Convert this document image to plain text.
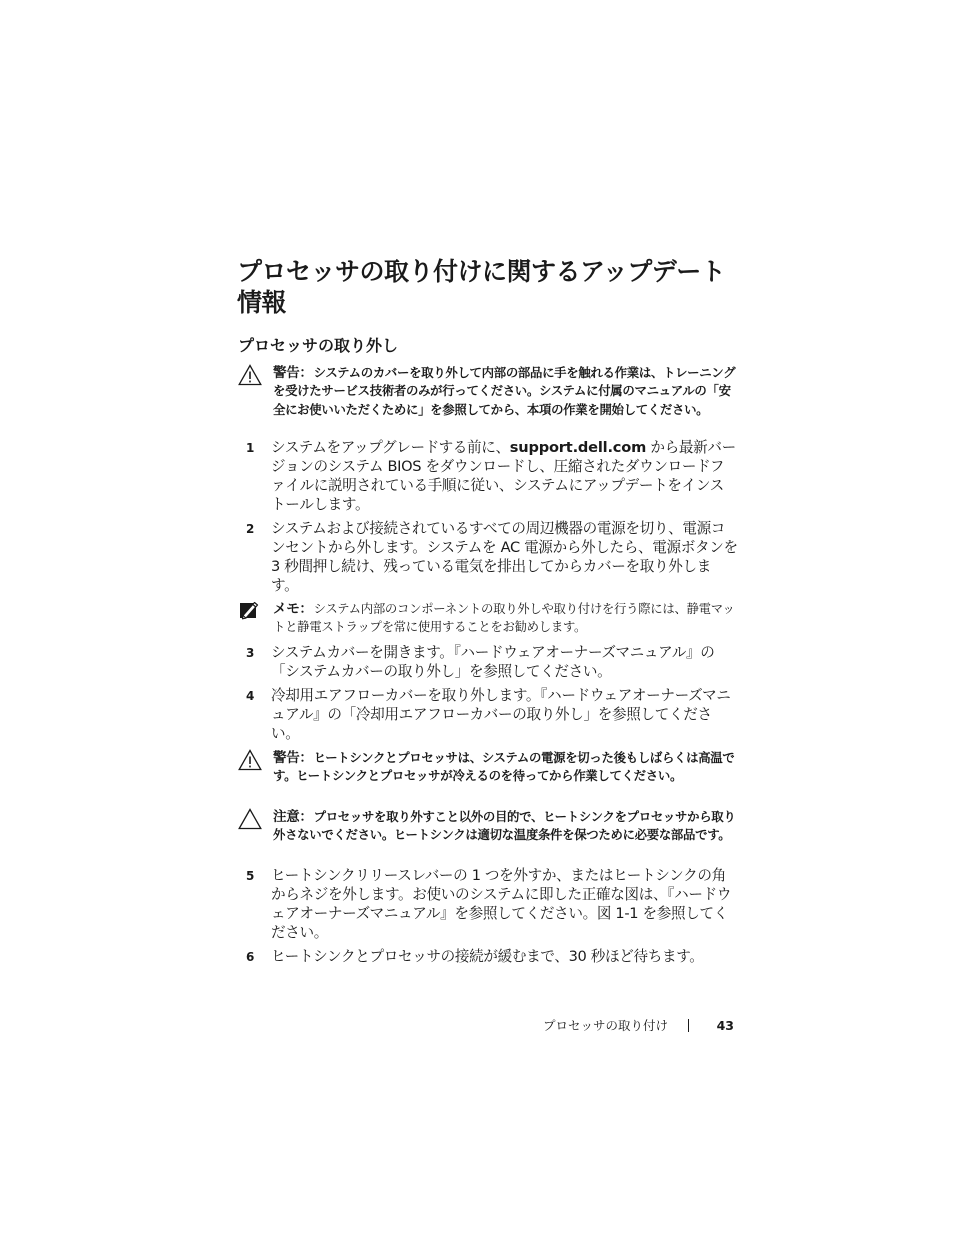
プロセッサの取り付けに関するアップデート情報
プロセッサの取り外し
警告：システムのカバーを取り外して内部の部品に手を触れる作業は、トレーニングを受けたサービス技術者のみが行ってください。システムに付属のマニュアルの「安全にお使いいただくために」を参照してから、本項の作業を開始してください。
1	システムをアップグレードする前に、support.dell.com から最新バージョンのシステム BIOS をダウンロードし、圧縮されたダウンロードファイルに説明されている手順に従い、システムにアップデートをインストールします。
2	システムおよび接続されているすべての周辺機器の電源を切り、電源コンセントから外します。システムを AC 電源から外したら、電源ボタンを 3 秒間押し続け、残っている電気を排出してからカバーを取り外します。
メモ：システム内部のコンポーネントの取り外しや取り付けを行う際には、静電マットと静電ストラップを常に使用することをお勧めします。
3	システムカバーを開きます。『ハードウェアオーナーズマニュアル』の「システムカバーの取り外し」を参照してください。
4	冷却用エアフローカバーを取り外します。『ハードウェアオーナーズマニュアル』の「冷却用エアフローカバーの取り外し」を参照してください。
警告：ヒートシンクとプロセッサは、システムの電源を切った後もしばらくは高温です。ヒートシンクとプロセッサが冷えるのを待ってから作業してください。
注意：プロセッサを取り外すこと以外の目的で、ヒートシンクをプロセッサから取り外さないでください。ヒートシンクは適切な温度条件を保つために必要な部品です。
5	ヒートシンクリリースレバーの 1 つを外すか、またはヒートシンクの角からネジを外します。お使いのシステムに即した正確な図は、『ハードウェアオーナーズマニュアル』を参照してください。図 1-1 を参照してください。
6	ヒートシンクとプロセッサの接続が緩むまで、30 秒ほど待ちます。
プロセッサの取り付け	43
